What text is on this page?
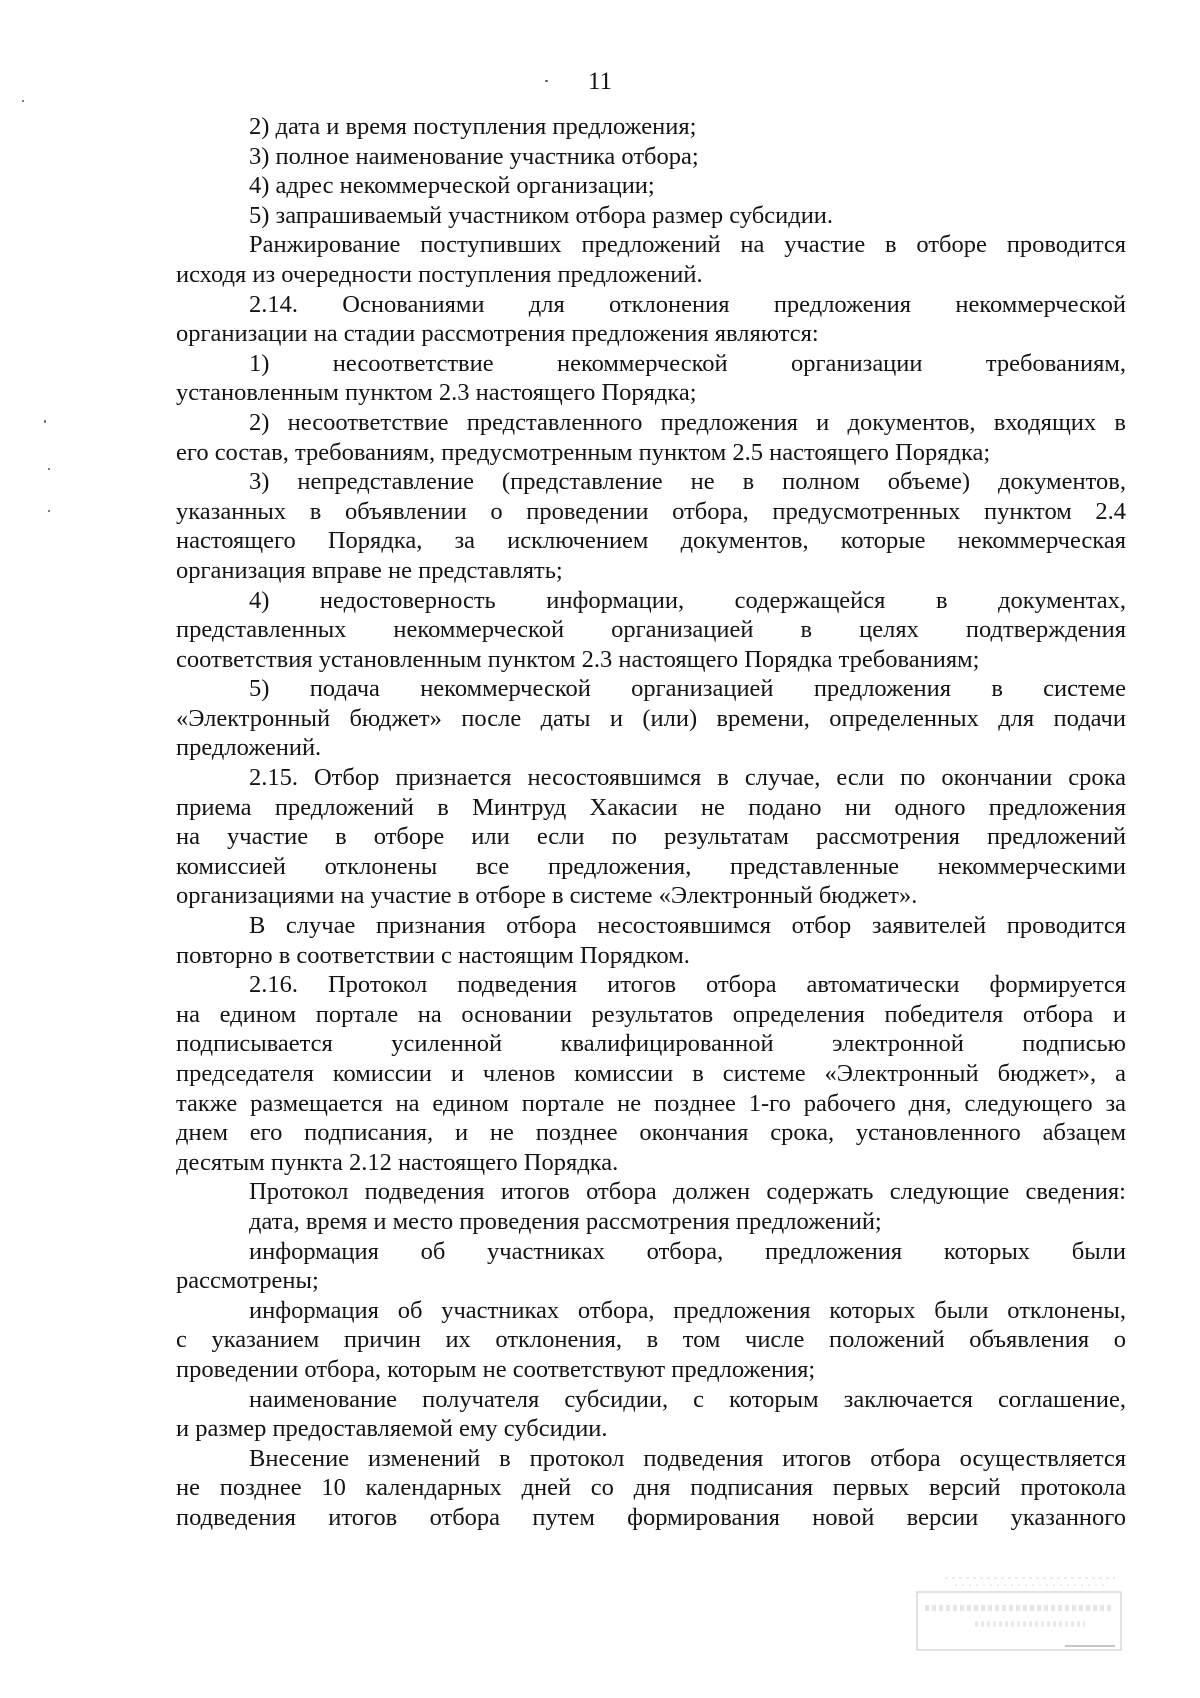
11
2) дата и время поступления предложения;
3) полное наименование участника отбора;
4) адрес некоммерческой организации;
5) запрашиваемый участником отбора размер субсидии.
Ранжирование поступивших предложений на участие в отборе проводится
исходя из очередности поступления предложений.
2.14. Основаниями для отклонения предложения некоммерческой
организации на стадии рассмотрения предложения являются:
1) несоответствие некоммерческой организации требованиям,
установленным пунктом 2.3 настоящего Порядка;
2) несоответствие представленного предложения и документов, входящих в
его состав, требованиям, предусмотренным пунктом 2.5 настоящего Порядка;
3) непредставление (представление не в полном объеме) документов,
указанных в объявлении о проведении отбора, предусмотренных пунктом 2.4
настоящего Порядка, за исключением документов, которые некоммерческая
организация вправе не представлять;
4) недостоверность информации, содержащейся в документах,
представленных некоммерческой организацией в целях подтверждения
соответствия установленным пунктом 2.3 настоящего Порядка требованиям;
5) подача некоммерческой организацией предложения в системе
«Электронный бюджет» после даты и (или) времени, определенных для подачи
предложений.
2.15. Отбор признается несостоявшимся в случае, если по окончании срока
приема предложений в Минтруд Хакасии не подано ни одного предложения
на участие в отборе или если по результатам рассмотрения предложений
комиссией отклонены все предложения, представленные некоммерческими
организациями на участие в отборе в системе «Электронный бюджет».
В случае признания отбора несостоявшимся отбор заявителей проводится
повторно в соответствии с настоящим Порядком.
2.16. Протокол подведения итогов отбора автоматически формируется
на едином портале на основании результатов определения победителя отбора и
подписывается усиленной квалифицированной электронной подписью
председателя комиссии и членов комиссии в системе «Электронный бюджет», а
также размещается на едином портале не позднее 1-го рабочего дня, следующего за
днем его подписания, и не позднее окончания срока, установленного абзацем
десятым пункта 2.12 настоящего Порядка.
Протокол подведения итогов отбора должен содержать следующие сведения:
дата, время и место проведения рассмотрения предложений;
информация об участниках отбора, предложения которых были
рассмотрены;
информация об участниках отбора, предложения которых были отклонены,
с указанием причин их отклонения, в том числе положений объявления о
проведении отбора, которым не соответствуют предложения;
наименование получателя субсидии, с которым заключается соглашение,
и размер предоставляемой ему субсидии.
Внесение изменений в протокол подведения итогов отбора осуществляется
не позднее 10 календарных дней со дня подписания первых версий протокола
подведения итогов отбора путем формирования новой версии указанного
